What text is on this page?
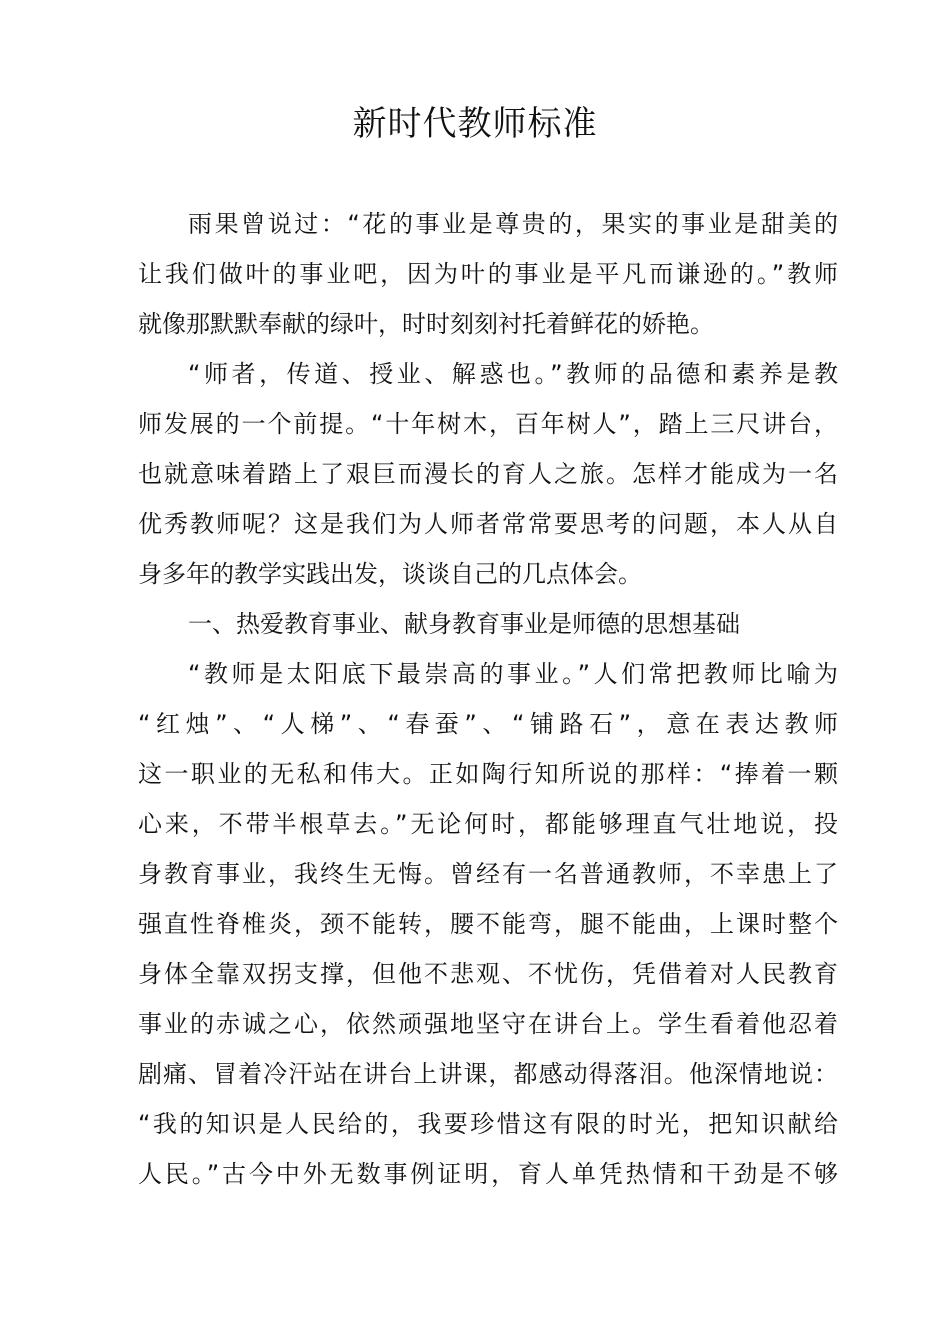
新时代教师标准
雨果曾说过：“花的事业是尊贵的，果实的事业是甜美的
让我们做叶的事业吧，因为叶的事业是平凡而谦逊的。”教师
就像那默默奉献的绿叶，时时刻刻衬托着鲜花的娇艳。
“师者，传道、授业、解惑也。”教师的品德和素养是教
师发展的一个前提。“十年树木，百年树人”，踏上三尺讲台，
也就意味着踏上了艰巨而漫长的育人之旅。怎样才能成为一名
优秀教师呢？这是我们为人师者常常要思考的问题，本人从自
身多年的教学实践出发，谈谈自己的几点体会。
一、热爱教育事业、献身教育事业是师德的思想基础
“教师是太阳底下最崇高的事业。”人们常把教师比喻为
“红烛”、“人梯”、“春蚕”、“铺路石”，意在表达教师
这一职业的无私和伟大。正如陶行知所说的那样：“捧着一颗
心来，不带半根草去。”无论何时，都能够理直气壮地说，投
身教育事业，我终生无悔。曾经有一名普通教师，不幸患上了
强直性脊椎炎，颈不能转，腰不能弯，腿不能曲，上课时整个
身体全靠双拐支撑，但他不悲观、不忧伤，凭借着对人民教育
事业的赤诚之心，依然顽强地坚守在讲台上。学生看着他忍着
剧痛、冒着冷汗站在讲台上讲课，都感动得落泪。他深情地说：
“我的知识是人民给的，我要珍惜这有限的时光，把知识献给
人民。”古今中外无数事例证明，育人单凭热情和干劲是不够
